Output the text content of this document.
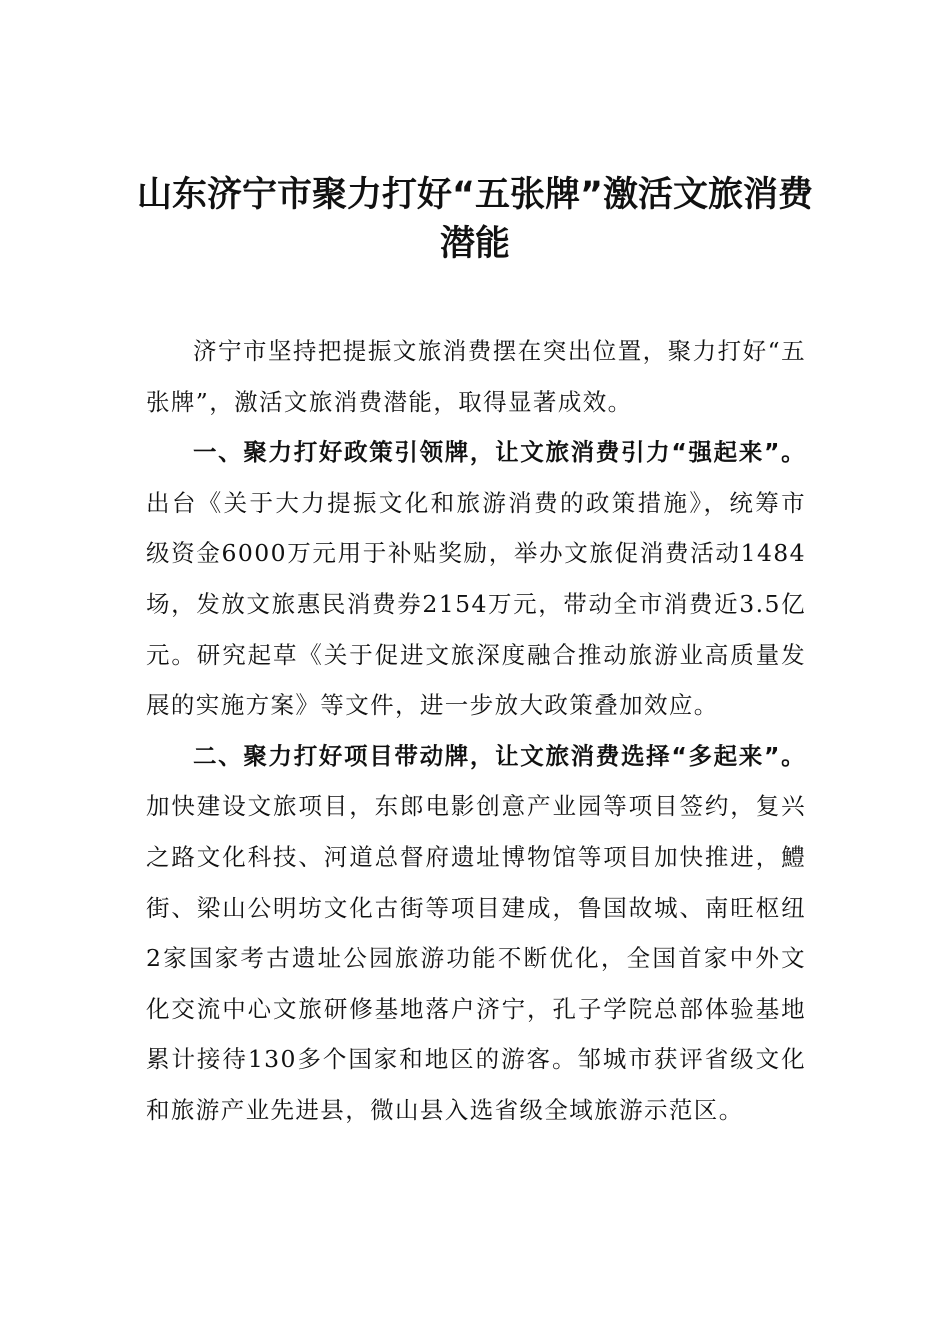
山东济宁市聚力打好“五张牌”激活文旅消费潜能

济宁市坚持把提振文旅消费摆在突出位置，聚力打好“五张牌”，激活文旅消费潜能，取得显著成效。

一、聚力打好政策引领牌，让文旅消费引力“强起来”。出台《关于大力提振文化和旅游消费的政策措施》，统筹市级资金6000万元用于补贴奖励，举办文旅促消费活动1484场，发放文旅惠民消费券2154万元，带动全市消费近3.5亿元。研究起草《关于促进文旅深度融合推动旅游业高质量发展的实施方案》等文件，进一步放大政策叠加效应。

二、聚力打好项目带动牌，让文旅消费选择“多起来”。加快建设文旅项目，东郎电影创意产业园等项目签约，复兴之路文化科技、河道总督府遗址博物馆等项目加快推进，鱧街、梁山公明坊文化古街等项目建成，鲁国故城、南旺枢纽2家国家考古遗址公园旅游功能不断优化，全国首家中外文化交流中心文旅研修基地落户济宁，孔子学院总部体验基地累计接待130多个国家和地区的游客。邹城市获评省级文化和旅游产业先进县，微山县入选省级全域旅游示范区。
